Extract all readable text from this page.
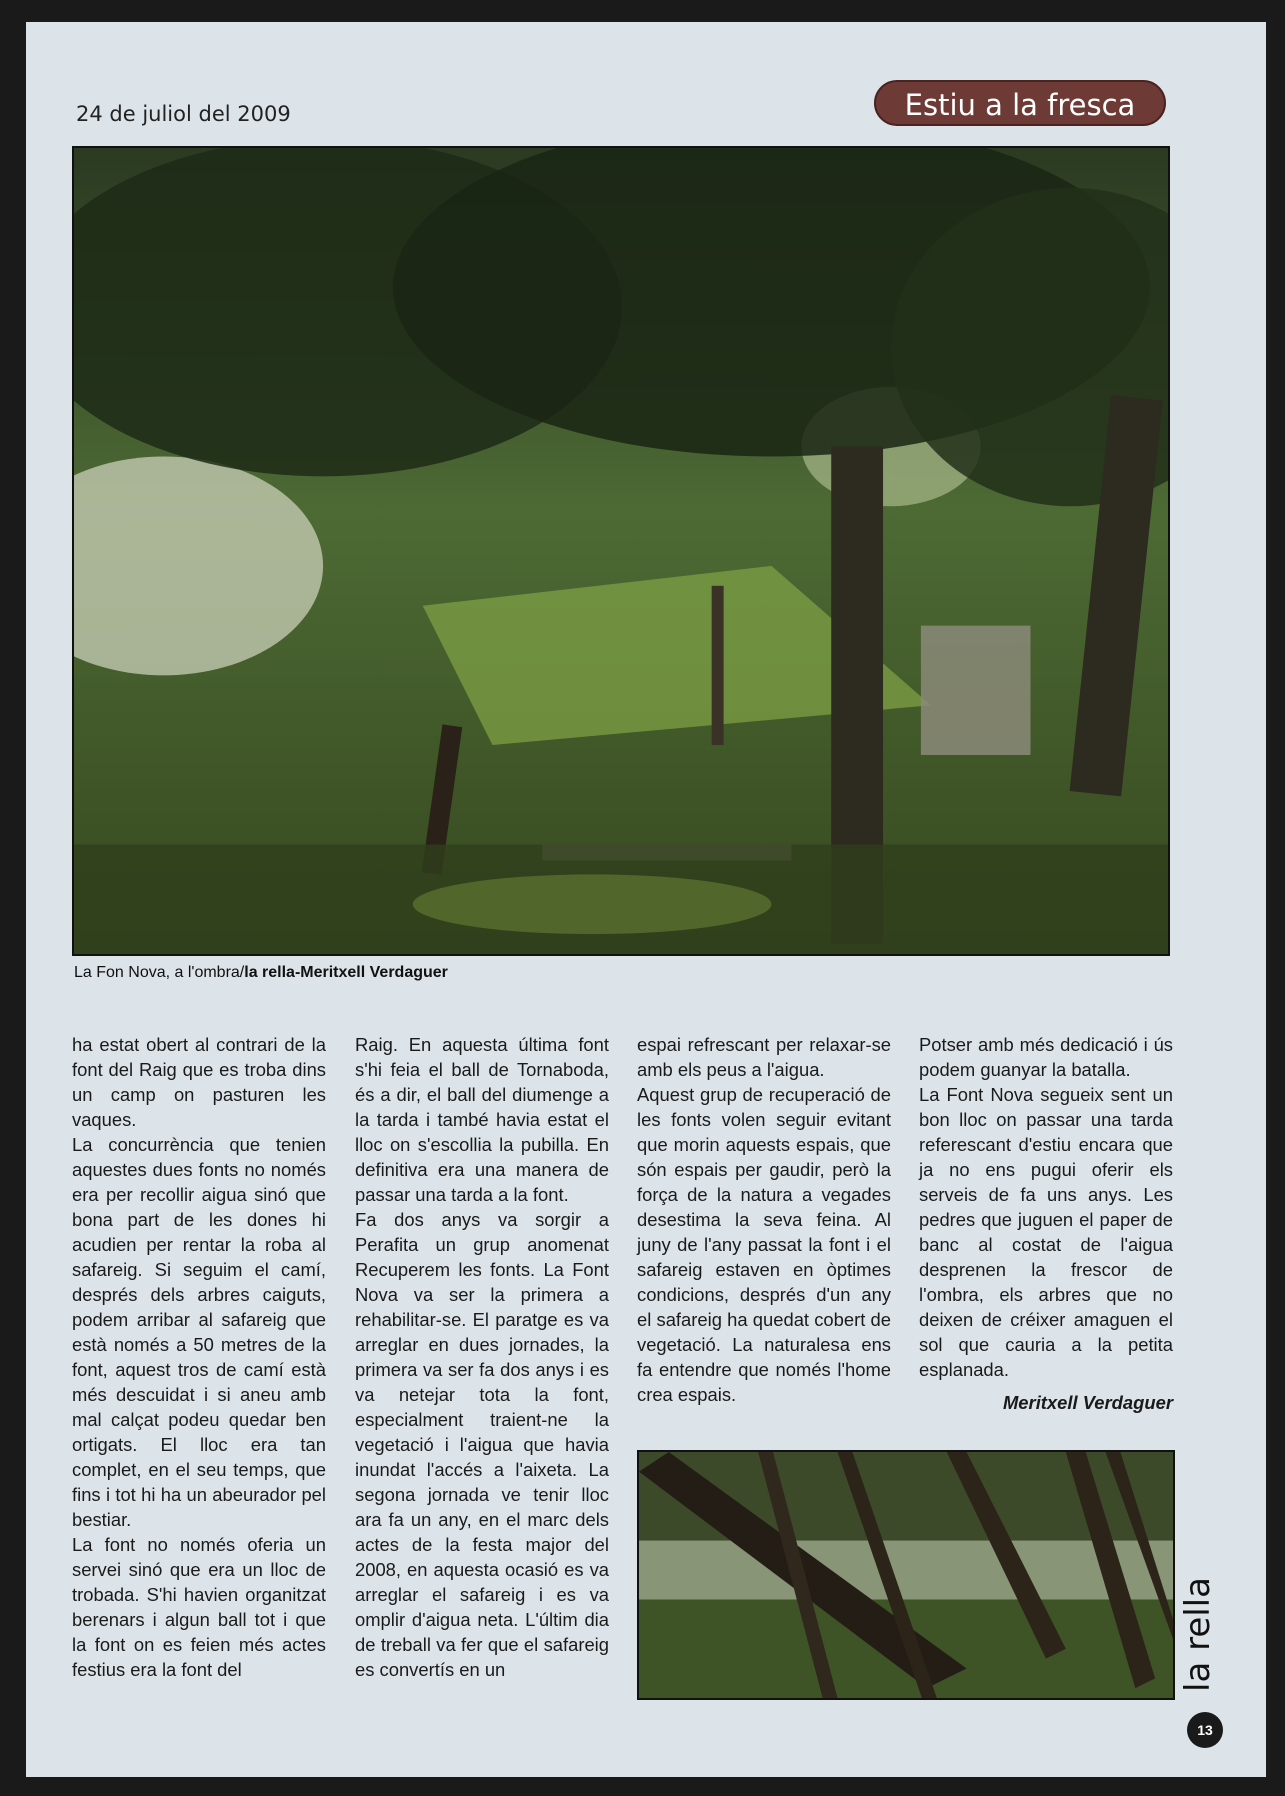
24 de juliol del 2009	Estiu a la fresca
La Fon Nova, a l'ombra/la rella-Meritxell Verdaguer

ha estat obert al contrari de la font del Raig que es troba dins un camp on pasturen les vaques.

La concurrència que tenien aquestes dues fonts no només era per recollir aigua sinó que bona part de les dones hi acudien per rentar la roba al safareig. Si seguim el camí, després dels arbres caiguts, podem arribar al safareig que està només a 50 metres de la font, aquest tros de camí està més descuidat i si aneu amb mal calçat podeu quedar ben ortigats. El lloc era tan complet, en el seu temps, que fins i tot hi ha un abeurador pel bestiar.

La font no només oferia un servei sinó que era un lloc de trobada. S'hi havien organitzat berenars i algun ball tot i que la font on es feien més actes festius era la font del

Raig. En aquesta última font s'hi feia el ball de Tornaboda, és a dir, el ball del diumenge a la tarda i també havia estat el lloc on s'escollia la pubilla. En definitiva era una manera de passar una tarda a la font.

Fa dos anys va sorgir a Perafita un grup anomenat Recuperem les fonts. La Font Nova va ser la primera a rehabilitar-se. El paratge es va arreglar en dues jornades, la primera va ser fa dos anys i es va netejar tota la font, especialment traient-ne la vegetació i l'aigua que havia inundat l'accés a l'aixeta. La segona jornada ve tenir lloc ara fa un any, en el marc dels actes de la festa major del 2008, en aquesta ocasió es va arreglar el safareig i es va omplir d'aigua neta. L'últim dia de treball va fer que el safareig es convertís en un

espai refrescant per relaxar-se amb els peus a l'aigua.

Aquest grup de recuperació de les fonts volen seguir evitant que morin aquests espais, que són espais per gaudir, però la força de la natura a vegades desestima la seva feina. Al juny de l'any passat la font i el safareig estaven en òptimes condicions, després d'un any el safareig ha quedat cobert de vegetació. La naturalesa ens fa entendre que només l'home crea espais.

Potser amb més dedicació i ús podem guanyar la batalla.

La Font Nova segueix sent un bon lloc on passar una tarda referescant d'estiu encara que ja no ens pugui oferir els serveis de fa uns anys. Les pedres que juguen el paper de banc al costat de l'aigua desprenen la frescor de l'ombra, els arbres que no deixen de créixer amaguen el sol que cauria a la petita esplanada.

Meritxell Verdaguer

la rella
13
